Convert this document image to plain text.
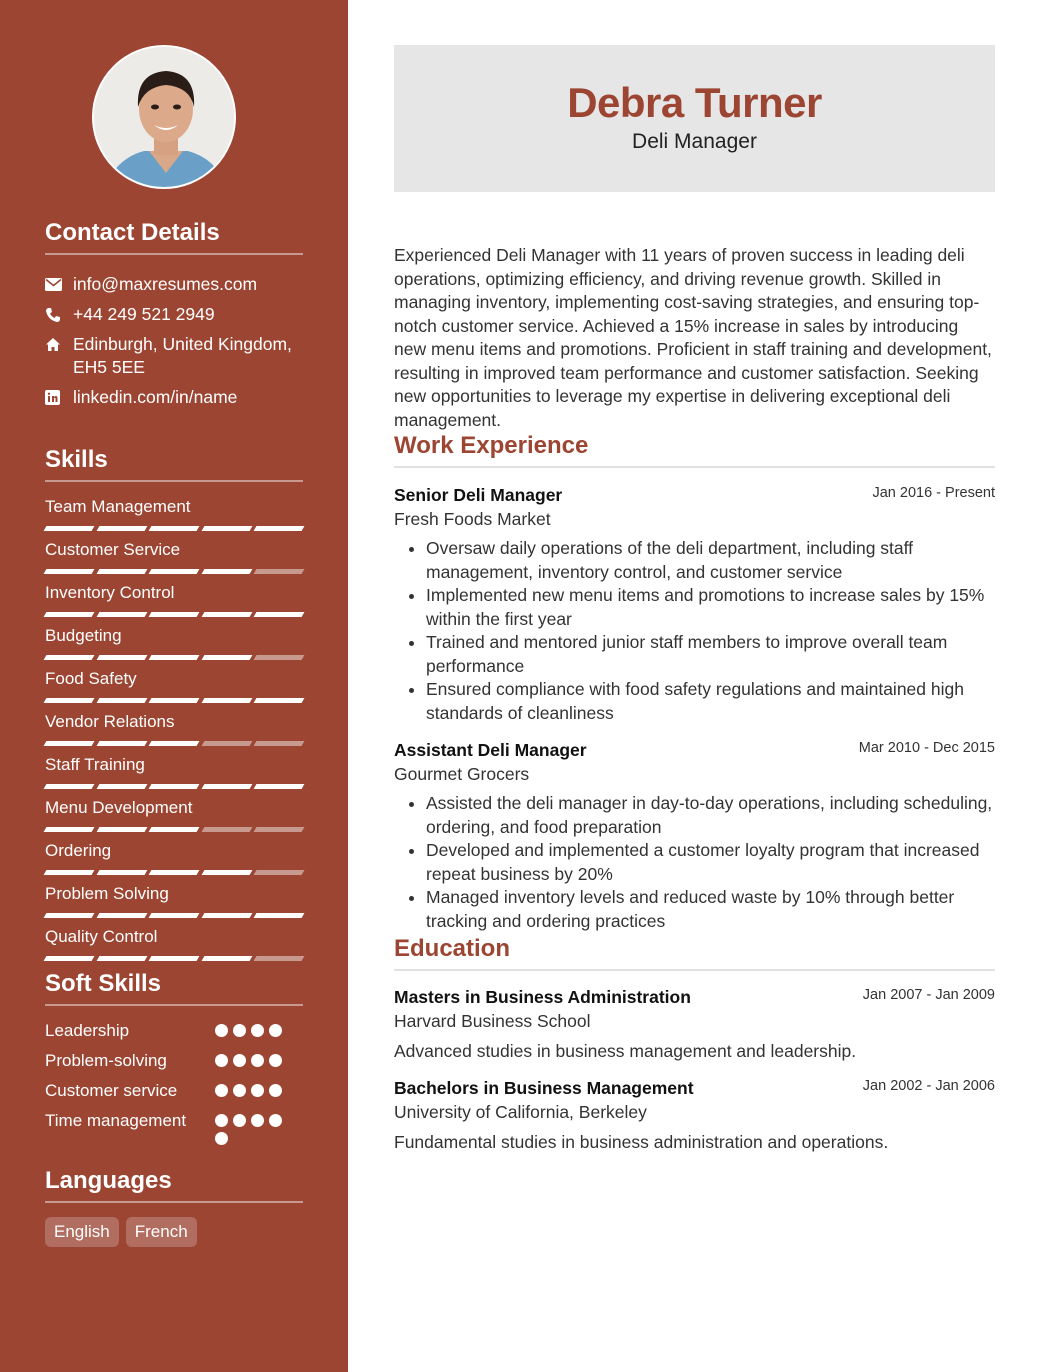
Contact Details
info@maxresumes.com
+44 249 521 2949
Edinburgh, United Kingdom, EH5 5EE
linkedin.com/in/name
Skills
Team Management
Customer Service
Inventory Control
Budgeting
Food Safety
Vendor Relations
Staff Training
Menu Development
Ordering
Problem Solving
Quality Control
Soft Skills
Leadership
Problem-solving
Customer service
Time management
Languages
English	French
Debra Turner
Deli Manager

Experienced Deli Manager with 11 years of proven success in leading deli operations, optimizing efficiency, and driving revenue growth. Skilled in managing inventory, implementing cost-saving strategies, and ensuring top-notch customer service. Achieved a 15% increase in sales by introducing new menu items and promotions. Proficient in staff training and development, resulting in improved team performance and customer satisfaction. Seeking new opportunities to leverage my expertise in delivering exceptional deli management.

Work Experience
Senior Deli Manager	Jan 2016 - Present
Fresh Foods Market
• Oversaw daily operations of the deli department, including staff management, inventory control, and customer service
• Implemented new menu items and promotions to increase sales by 15% within the first year
• Trained and mentored junior staff members to improve overall team performance
• Ensured compliance with food safety regulations and maintained high standards of cleanliness
Assistant Deli Manager	Mar 2010 - Dec 2015
Gourmet Grocers
• Assisted the deli manager in day-to-day operations, including scheduling, ordering, and food preparation
• Developed and implemented a customer loyalty program that increased repeat business by 20%
• Managed inventory levels and reduced waste by 10% through better tracking and ordering practices
Education
Masters in Business Administration	Jan 2007 - Jan 2009
Harvard Business School
Advanced studies in business management and leadership.
Bachelors in Business Management	Jan 2002 - Jan 2006
University of California, Berkeley
Fundamental studies in business administration and operations.
